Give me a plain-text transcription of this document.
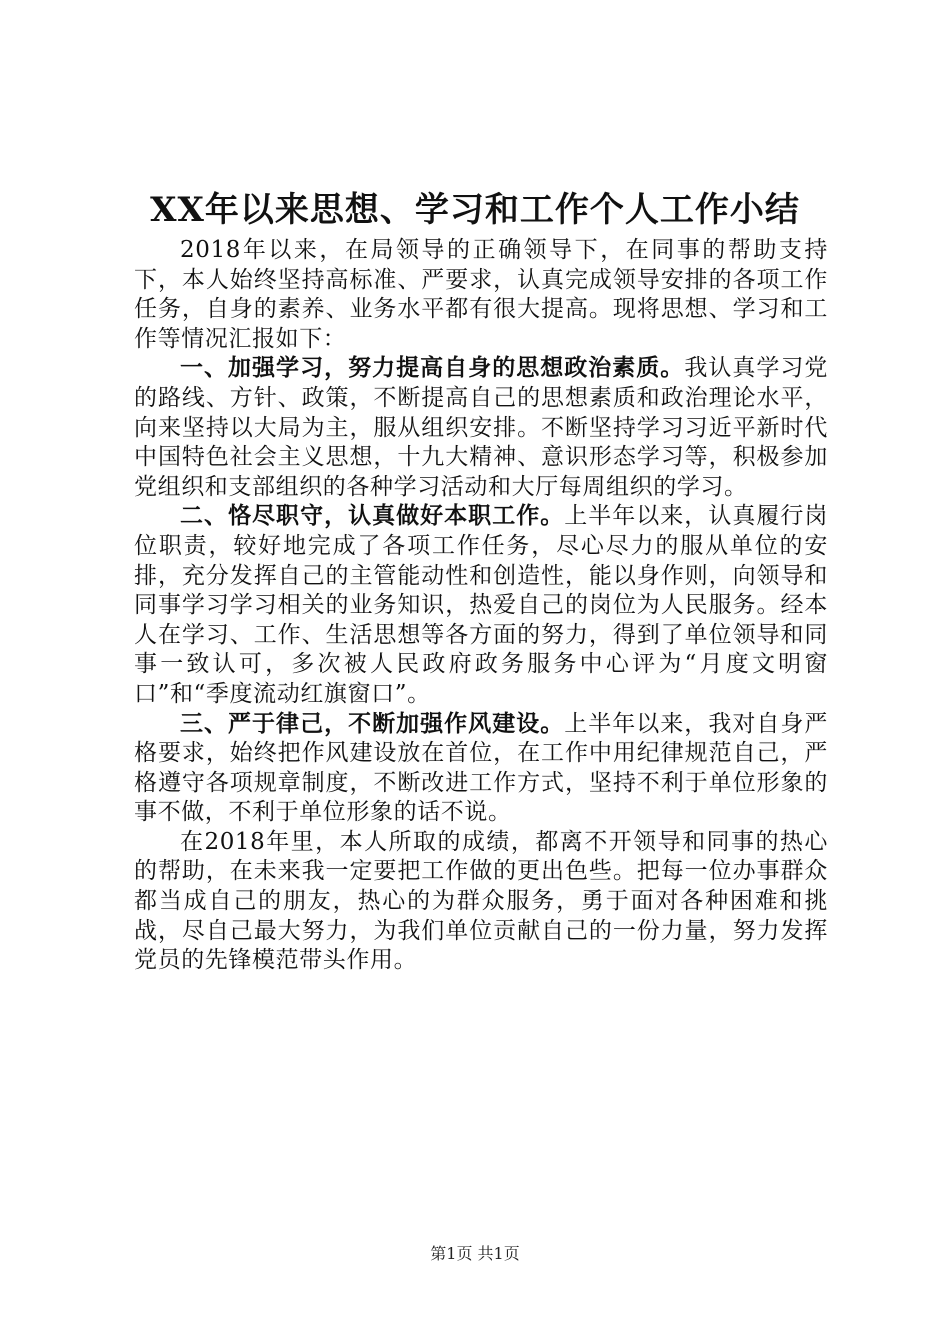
XX年以来思想、学习和工作个人工作小结

2018年以来，在局领导的正确领导下，在同事的帮助支持下，本人始终坚持高标准、严要求，认真完成领导安排的各项工作任务，自身的素养、业务水平都有很大提高。现将思想、学习和工作等情况汇报如下：

一、加强学习，努力提高自身的思想政治素质。我认真学习党的路线、方针、政策，不断提高自己的思想素质和政治理论水平，向来坚持以大局为主，服从组织安排。不断坚持学习习近平新时代中国特色社会主义思想，十九大精神、意识形态学习等，积极参加党组织和支部组织的各种学习活动和大厅每周组织的学习。

二、恪尽职守，认真做好本职工作。上半年以来，认真履行岗位职责，较好地完成了各项工作任务，尽心尽力的服从单位的安排，充分发挥自己的主管能动性和创造性，能以身作则，向领导和同事学习学习相关的业务知识，热爱自己的岗位为人民服务。经本人在学习、工作、生活思想等各方面的努力，得到了单位领导和同事一致认可，多次被人民政府政务服务中心评为“月度文明窗口”和“季度流动红旗窗口”。

三、严于律己，不断加强作风建设。上半年以来，我对自身严格要求，始终把作风建设放在首位，在工作中用纪律规范自己，严格遵守各项规章制度，不断改进工作方式，坚持不利于单位形象的事不做，不利于单位形象的话不说。

在2018年里，本人所取的成绩，都离不开领导和同事的热心的帮助，在未来我一定要把工作做的更出色些。把每一位办事群众都当成自己的朋友，热心的为群众服务，勇于面对各种困难和挑战，尽自己最大努力，为我们单位贡献自己的一份力量，努力发挥党员的先锋模范带头作用。

第1页 共1页
